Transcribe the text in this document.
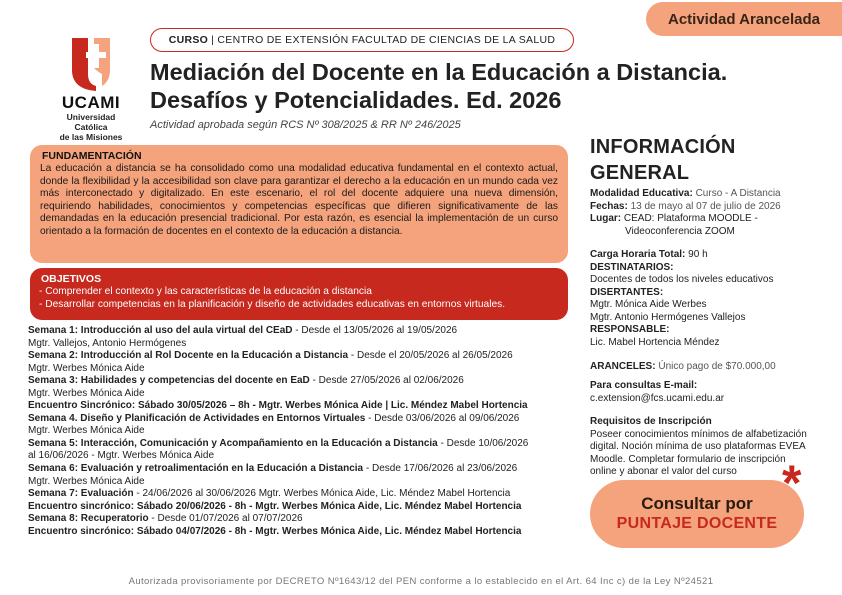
Actividad Arancelada
UCAMI
Universidad Católica
de las Misiones
CURSO | CENTRO DE EXTENSIÓN FACULTAD DE CIENCIAS DE LA SALUD
Mediación del Docente en la Educación a Distancia.
Desafíos y Potencialidades. Ed. 2026
Actividad aprobada según RCS Nº 308/2025 & RR Nº 246/2025
FUNDAMENTACIÓN
La educación a distancia se ha consolidado como una modalidad educativa fundamental en el contexto actual, donde la flexibilidad y la accesibilidad son clave para garantizar el derecho a la educación en un mundo cada vez más interconectado y digitalizado. En este escenario, el rol del docente adquiere una nueva dimensión, requiriendo habilidades, conocimientos y competencias específicas que difieren significativamente de las demandadas en la educación presencial tradicional. Por esta razón, es esencial la implementación de un curso orientado a la formación de docentes en el contexto de la educación a distancia.
OBJETIVOS
- Comprender el contexto y las características de la educación a distancia
- Desarrollar competencias en la planificación y diseño de actividades educativas en entornos virtuales.
Semana 1: Introducción al uso del aula virtual del CEaD - Desde el 13/05/2026 al 19/05/2026
Mgtr. Vallejos, Antonio Hermógenes
Semana 2: Introducción al Rol Docente en la Educación a Distancia - Desde el 20/05/2026 al 26/05/2026
Mgtr. Werbes Mónica Aide
Semana 3: Habilidades y competencias del docente en EaD - Desde 27/05/2026 al 02/06/2026
Mgtr. Werbes Mónica Aide
Encuentro Sincrónico: Sábado 30/05/2026 – 8h - Mgtr. Werbes Mónica Aide | Lic. Méndez Mabel Hortencia
Semana 4. Diseño y Planificación de Actividades en Entornos Virtuales - Desde 03/06/2026 al 09/06/2026
Mgtr. Werbes Mónica Aide
Semana 5: Interacción, Comunicación y Acompañamiento en la Educación a Distancia - Desde 10/06/2026
al 16/06/2026 - Mgtr. Werbes Mónica Aide
Semana 6: Evaluación y retroalimentación en la Educación a Distancia - Desde 17/06/2026 al 23/06/2026
Mgtr. Werbes Mónica Aide
Semana 7: Evaluación - 24/06/2026 al 30/06/2026 Mgtr. Werbes Mónica Aide, Lic. Méndez Mabel Hortencia
Encuentro sincrónico: Sábado 20/06/2026 - 8h - Mgtr. Werbes Mónica Aide, Lic. Méndez Mabel Hortencia
Semana 8: Recuperatorio - Desde 01/07/2026 al 07/07/2026
Encuentro sincrónico: Sábado 04/07/2026 - 8h - Mgtr. Werbes Mónica Aide, Lic. Méndez Mabel Hortencia
INFORMACIÓN GENERAL
Modalidad Educativa: Curso - A Distancia
Fechas: 13 de mayo al 07 de julio de 2026
Lugar: CEAD: Plataforma MOODLE -
Videoconferencia ZOOM
Carga Horaria Total: 90 h
DESTINATARIOS:
Docentes de todos los niveles educativos
DISERTANTES:
Mgtr. Mónica Aide Werbes
Mgtr. Antonio Hermógenes Vallejos
RESPONSABLE:
Lic. Mabel Hortencia Méndez
ARANCELES: Único pago de $70.000,00
Para consultas E-mail:
c.extension@fcs.ucami.edu.ar
Requisitos de Inscripción
Poseer conocimientos mínimos de alfabetización
digital. Noción mínima de uso plataformas EVEA
Moodle. Completar formulario de inscripción
online y abonar el valor del curso
Consultar por
PUNTAJE DOCENTE
*
Autorizada provisoriamente por DECRETO Nº1643/12 del PEN conforme a lo establecido en el Art. 64 Inc c) de la Ley Nº24521
